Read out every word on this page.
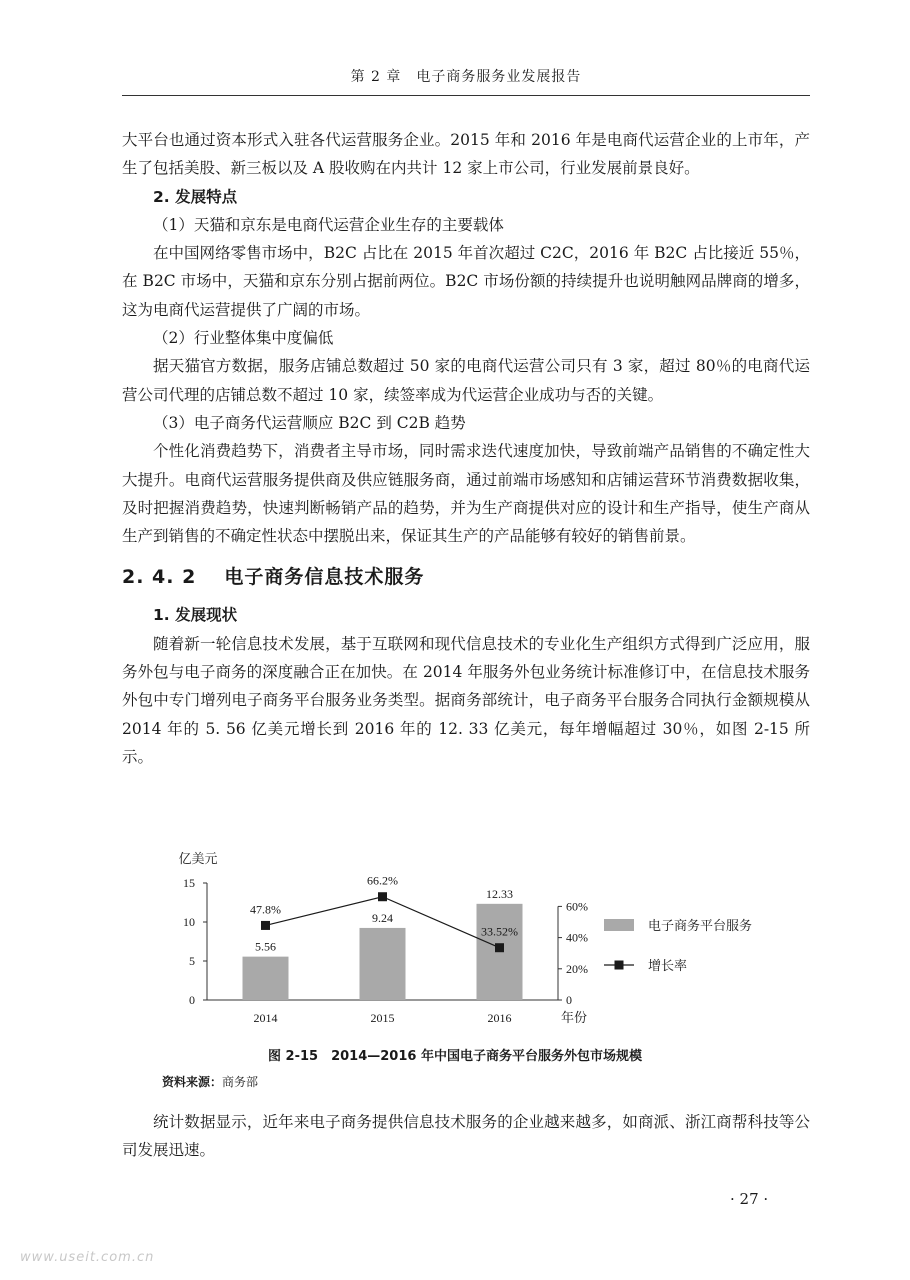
第 2 章　电子商务服务业发展报告

大平台也通过资本形式入驻各代运营服务企业。2015 年和 2016 年是电商代运营企业的上市年，产生了包括美股、新三板以及 A 股收购在内共计 12 家上市公司，行业发展前景良好。

2. 发展特点

（1）天猫和京东是电商代运营企业生存的主要载体

在中国网络零售市场中，B2C 占比在 2015 年首次超过 C2C，2016 年 B2C 占比接近 55％，在 B2C 市场中，天猫和京东分别占据前两位。B2C 市场份额的持续提升也说明触网品牌商的增多，这为电商代运营提供了广阔的市场。

（2）行业整体集中度偏低

据天猫官方数据，服务店铺总数超过 50 家的电商代运营公司只有 3 家，超过 80％的电商代运营公司代理的店铺总数不超过 10 家，续签率成为代运营企业成功与否的关键。

（3）电子商务代运营顺应 B2C 到 C2B 趋势

个性化消费趋势下，消费者主导市场，同时需求迭代速度加快，导致前端产品销售的不确定性大大提升。电商代运营服务提供商及供应链服务商，通过前端市场感知和店铺运营环节消费数据收集，及时把握消费趋势，快速判断畅销产品的趋势，并为生产商提供对应的设计和生产指导，使生产商从生产到销售的不确定性状态中摆脱出来，保证其生产的产品能够有较好的销售前景。

2. 4. 2 电子商务信息技术服务

1. 发展现状

随着新一轮信息技术发展，基于互联网和现代信息技术的专业化生产组织方式得到广泛应用，服务外包与电子商务的深度融合正在加快。在 2014 年服务外包业务统计标准修订中，在信息技术服务外包中专门增列电子商务平台服务业务类型。据商务部统计，电子商务平台服务合同执行金额规模从 2014 年的 5. 56 亿美元增长到 2016 年的 12. 33 亿美元，每年增幅超过 30％，如图 2-15 所示。

亿美元
0
5
10
15
0
20%
40%
60%
2014	2015	2016	年份
5.56
9.24
12.33
47.8%
66.2%
33.52%	电子商务平台服务
增长率
图 2-15　2014—2016 年中国电子商务平台服务外包市场规模
资料来源：商务部

统计数据显示，近年来电子商务提供信息技术服务的企业越来越多，如商派、浙江商帮科技等公司发展迅速。

· 27 ·
www.useit.com.cn
